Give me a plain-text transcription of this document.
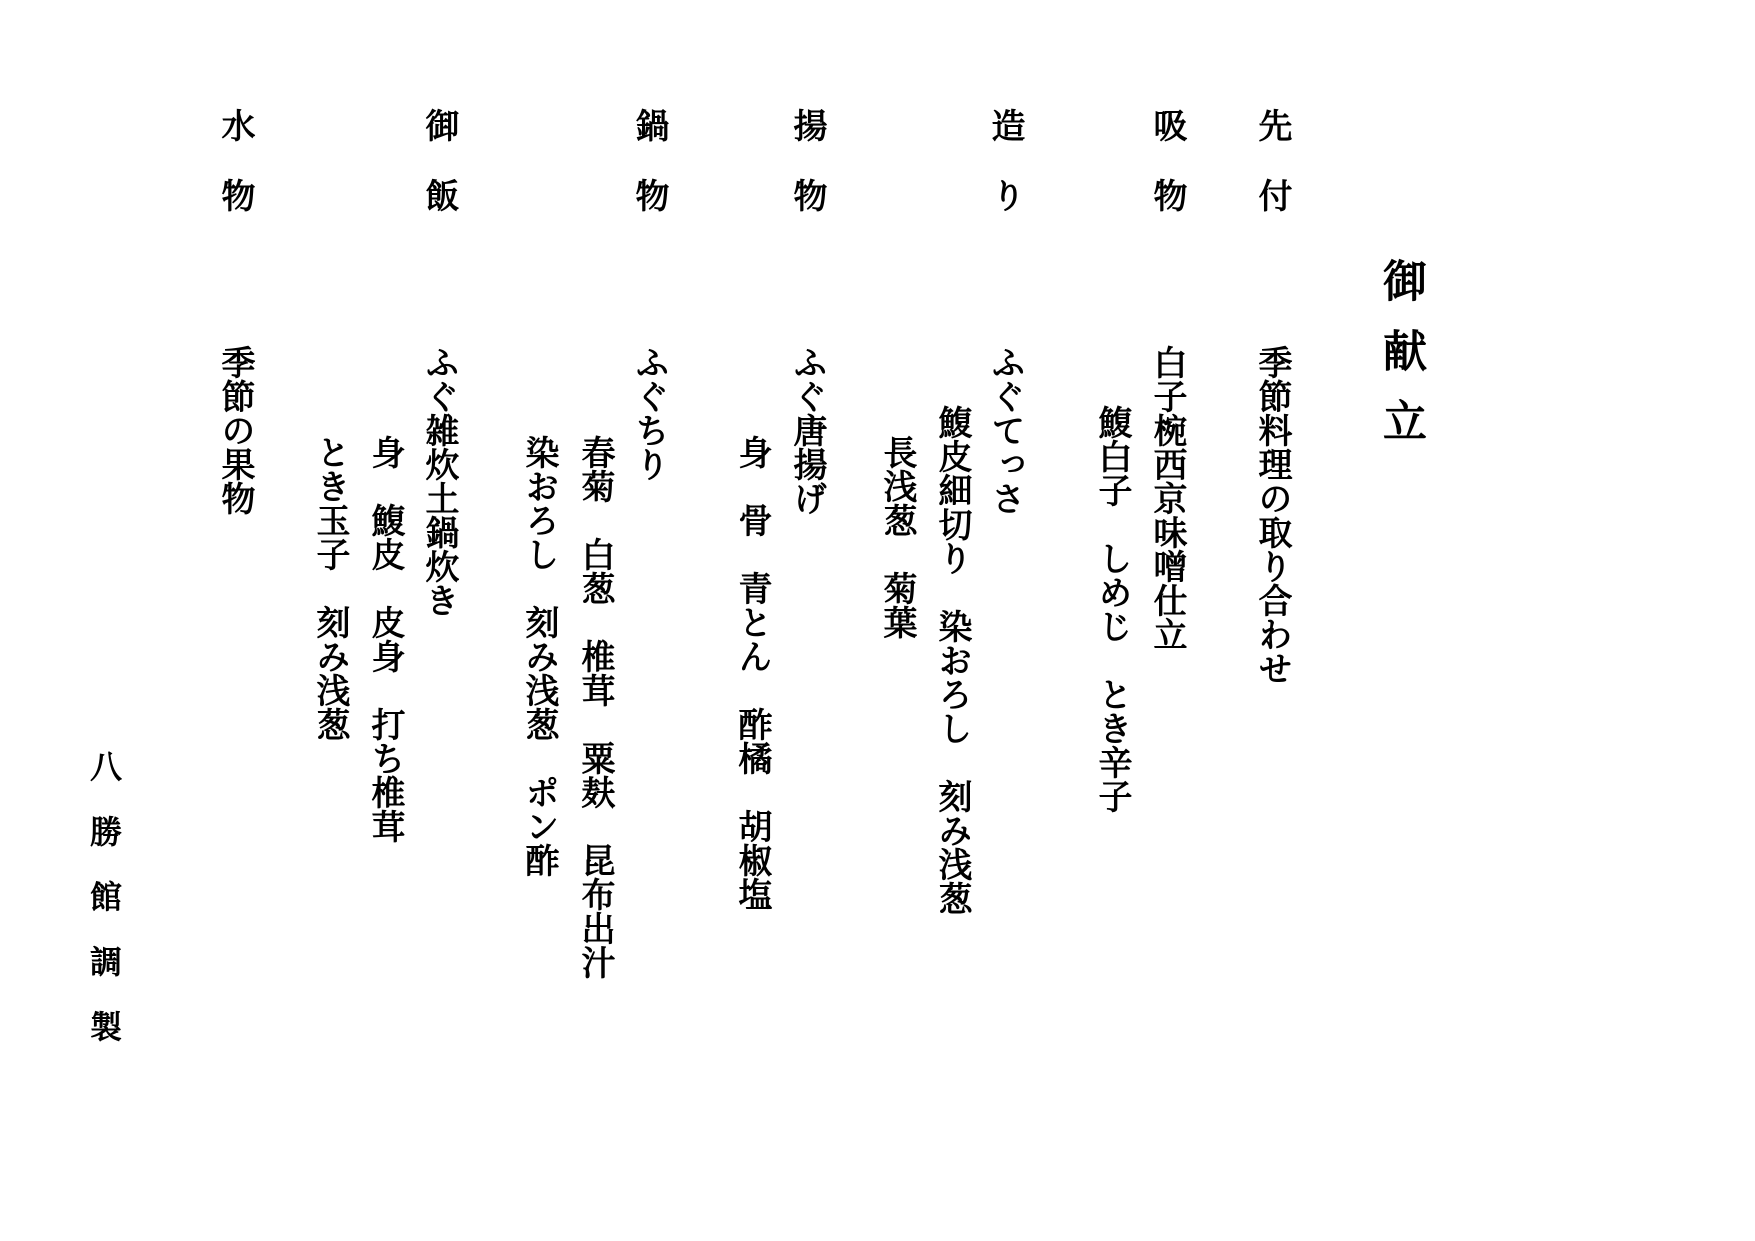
御献立
先付
季節料理の取り合わせ
吸物
白子椀西京味噌仕立
鰒白子　しめじ　とき辛子
造り
ふぐてっさ
鰒皮細切り　染おろし　刻み浅葱
長浅葱　菊葉
揚物
ふぐ唐揚げ
身　骨　青とん　酢橘　胡椒塩
鍋物
ふぐちり
春菊　白葱　椎茸　粟麸　昆布出汁
染おろし　刻み浅葱　ポン酢
御飯
ふぐ雑炊土鍋炊き
身　鰒皮　皮身　打ち椎茸
とき玉子　刻み浅葱
水物
季節の果物
八勝館調製
